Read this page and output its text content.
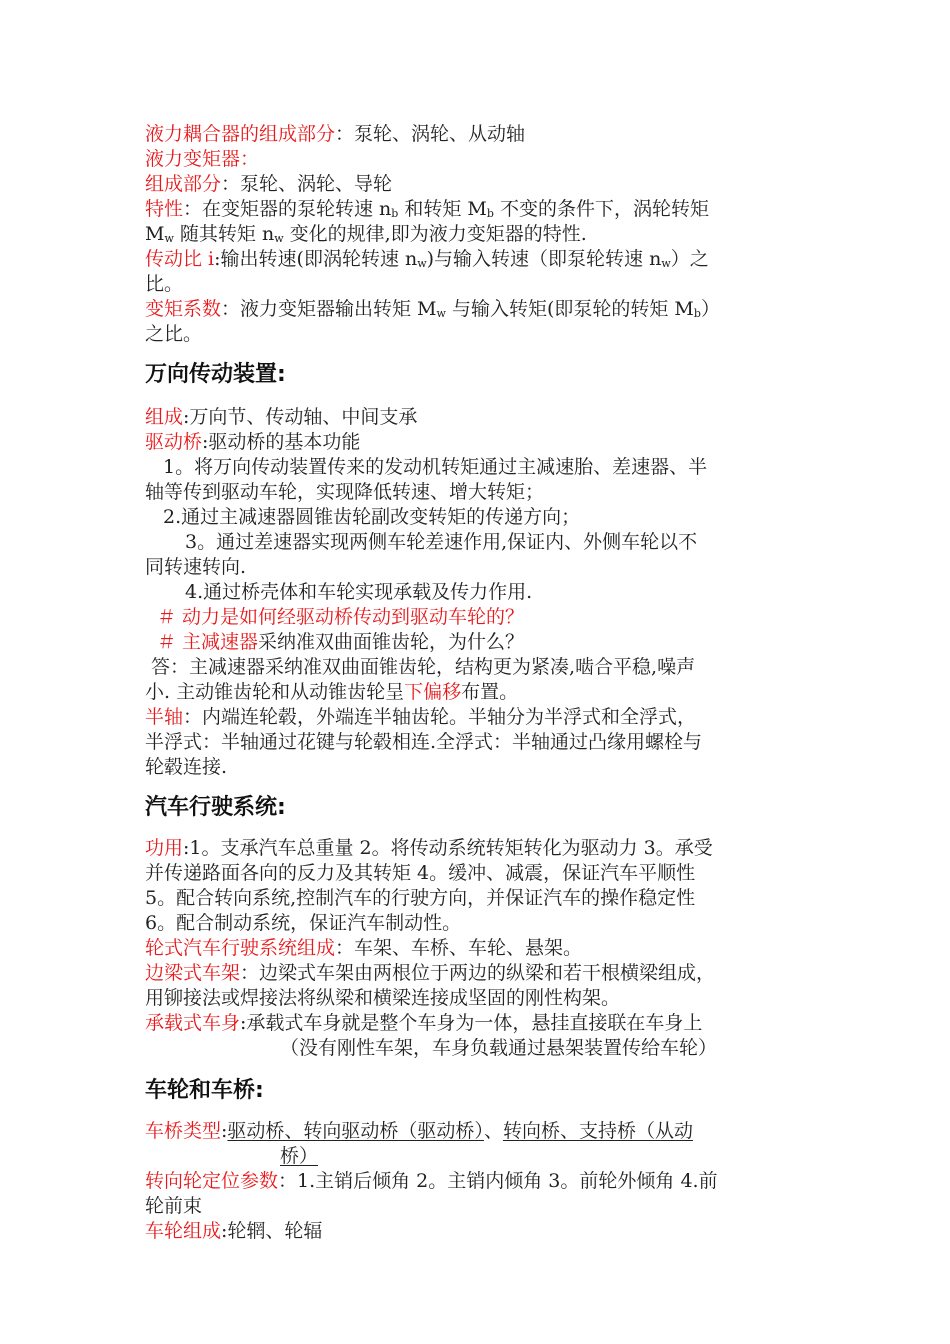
液力耦合器的组成部分：泵轮、涡轮、从动轴
液力变矩器：
组成部分：泵轮、涡轮、导轮
特性：在变矩器的泵轮转速 nb 和转矩 Mb 不变的条件下，涡轮转矩
Mw 随其转矩 nw 变化的规律,即为液力变矩器的特性.
传动比 i:输出转速(即涡轮转速 nw)与输入转速（即泵轮转速 nw）之
比。
变矩系数：液力变矩器输出转矩 Mw 与输入转矩(即泵轮的转矩 Mb）
之比。
万向传动装置:
组成:万向节、传动轴、中间支承
驱动桥:驱动桥的基本功能
1。将万向传动装置传来的发动机转矩通过主减速胎、差速器、半
轴等传到驱动车轮，实现降低转速、增大转矩；
2.通过主减速器圆锥齿轮副改变转矩的传递方向；
3。通过差速器实现两侧车轮差速作用,保证内、外侧车轮以不
同转速转向.
4.通过桥壳体和车轮实现承载及传力作用.
＃ 动力是如何经驱动桥传动到驱动车轮的？
＃ 主减速器采纳准双曲面锥齿轮，为什么？
答：主减速器采纳准双曲面锥齿轮，结构更为紧凑,啮合平稳,噪声
小. 主动锥齿轮和从动锥齿轮呈下偏移布置。
半轴：内端连轮毂，外端连半轴齿轮。半轴分为半浮式和全浮式，
半浮式：半轴通过花键与轮毂相连.全浮式：半轴通过凸缘用螺栓与
轮毂连接.
汽车行驶系统:
功用:1。支承汽车总重量 2。将传动系统转矩转化为驱动力 3。承受
并传递路面各向的反力及其转矩 4。缓冲、减震，保证汽车平顺性
5。配合转向系统,控制汽车的行驶方向，并保证汽车的操作稳定性
6。配合制动系统，保证汽车制动性。
轮式汽车行驶系统组成：车架、车桥、车轮、悬架。
边梁式车架：边梁式车架由两根位于两边的纵梁和若干根横梁组成，
用铆接法或焊接法将纵梁和横梁连接成坚固的刚性构架。
承载式车身:承载式车身就是整个车身为一体，悬挂直接联在车身上
（没有刚性车架，车身负载通过悬架装置传给车轮）
车轮和车桥:
车桥类型:驱动桥、转向驱动桥（驱动桥）、转向桥、支持桥（从动
桥）
转向轮定位参数：1.主销后倾角 2。主销内倾角 3。前轮外倾角 4.前
轮前束
车轮组成:轮辋、轮辐
